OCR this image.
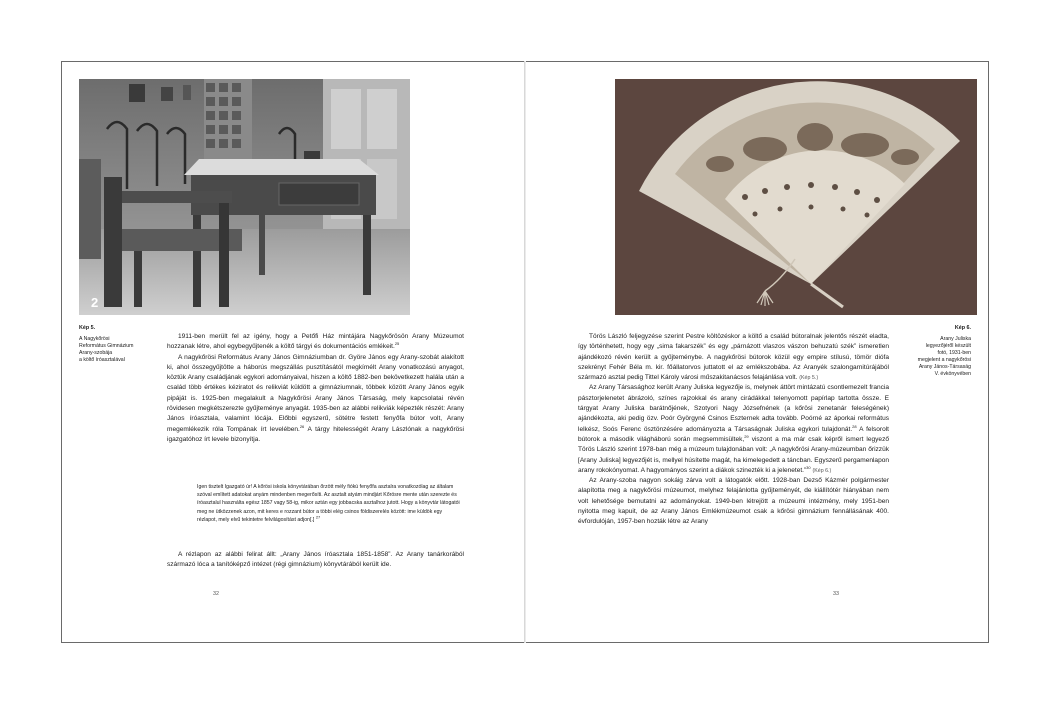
2
Kép 5.
A Nagykőrösi
Református Gimnázium
Arany-szobája
a költő íróasztalával

1911-ben merült fel az igény, hogy a Petőfi Ház mintájára Nagykőrösön Arany Múzeumot hozzanak létre, ahol egybegyűjtenék a költő tárgyi és dokumentációs emlékeit.$^{25}$

A nagykőrösi Református Arany János Gimnáziumban dr. Györe János egy Arany-szobát alakított ki, ahol összegyűjtötte a háborús megszállás pusztításától megkímélt Arany vonatkozású anyagot, köztük Arany családjának egykori adományaival, hiszen a költő 1882-ben bekövetkezett halála után a család több értékes kéziratot és relikviát küldött a gimnáziumnak, többek között Arany János egyik pipáját is. 1925-ben megalakult a Nagykőrösi Arany János Társaság, mely kapcsolatai révén rövidesen megkétszerezte gyűjteménye anyagát. 1935-ben az alábbi relikviák képezték részét: Arany János íróasztala, valamint lócája. Előbbi egyszerű, sötétre festett fenyőfa bútor volt, Arany megemlékezik róla Tompának írt levelében.$^{26}$ A tárgy hitelességét Arany Lászlónak a nagykőrösi igazgatóhoz írt levele bizonyítja.

Igen tisztelt Igazgató úr! A kőrösi iskola könyvtárában őrzött mély fiókú fenyőfa asztalra vonatkozólag az általam szóval említett adatokat anyám mindenben megerősíti. Az asztalt atyám mindjárt Kőrösre mente után szerezte és íróasztalul használta egész 1857 vagy 58-ig, mikor aztán egy jobbacska asztalhoz jutott. Hogy a könyvtár látogatói meg ne ütközzenek azon, mit keres e rozzant bútor a többi elég csinos földiszerelés között: ime küldök egy rézlapot, mely elvű tekintetre felvilágosítást adjon[.] $^{27}$

A rézlapon az alábbi felirat állt: „Arany János íróasztala 1851-1858”. Az Arany tanárkorából származó lóca a tanítóképző intézet (régi gimnázium) könyvtárából került ide.

32
Kép 6.
Arany Juliska
legyezőjéről készült
fotó, 1931-ben
megjelent a nagykőrösi
Arany János-Társaság
V. évkönyvében

Törös László feljegyzése szerint Pestre költözéskor a költő a család bútoralnak jelentős részét eladta, így történhetett, hogy egy „sima fakarszék” és egy „párnázott vlaszos vászon behuzatú szék” ismeretlen ajándékozó révén került a gyűjteménybe. A nagykőrösi bútorok közül egy empire stílusú, tömör diófa szekrényt Fehér Béla m. kir. főállatorvos juttatott el az emlékszobába. Az Aranyék szalongarnitúrájából származó asztal pedig Tittel Károly városi műszakitanácsos felajánlása volt. (Kép 5.)

Az Arany Társasághoz került Arany Juliska legyezője is, melynek áttört mintázatú csontlemezelt francia pásztorjelenetet ábrázoló, színes rajzokkal és arany cirádákkal telenyomott papírlap tartotta össze. E tárgyat Arany Juliska barátnőjének, Szotyori Nagy Józsefnének (a kőrösi zenetanár feleségének) ajándékozta, aki pedig özv. Poór Györgyné Csinos Eszternek adta tovább. Poórné az áporkai református lelkész, Soós Ferenc ösztönzésére adományozta a Társaságnak Juliska egykori tulajdonát.$^{28}$ A felsorolt bútorok a második világháború során megsemmisültek,$^{29}$ viszont a ma már csak képről ismert legyező Törös László szerint 1978-ban még a múzeum tulajdonában volt: „A nagykőrösi Arany-múzeumban őrizzük [Arany Juliska] legyezőjét is, mellyel húsítette magát, ha kimelegedett a táncban. Egyszerű pergamenlapon arany rokokónyomat. A hagyományos szerint a diákok szinezték ki a jelenetet.”$^{30}$ (Kép 6.)

Az Arany-szoba nagyon sokáig zárva volt a látogatók előtt. 1928-ban Dezső Kázmér polgármester alapította meg a nagykőrösi múzeumot, melyhez felajánlotta gyűjteményét, de kiállítótér hiányában nem volt lehetősége bemutatni az adományokat. 1949-ben létrejött a múzeumi intézmény, mely 1951-ben nyitotta meg kapuit, de az Arany János Emlékmúzeumot csak a kőrösi gimnázium fennállásának 400. évfordulóján, 1957-ben hozták létre az Arany

33
